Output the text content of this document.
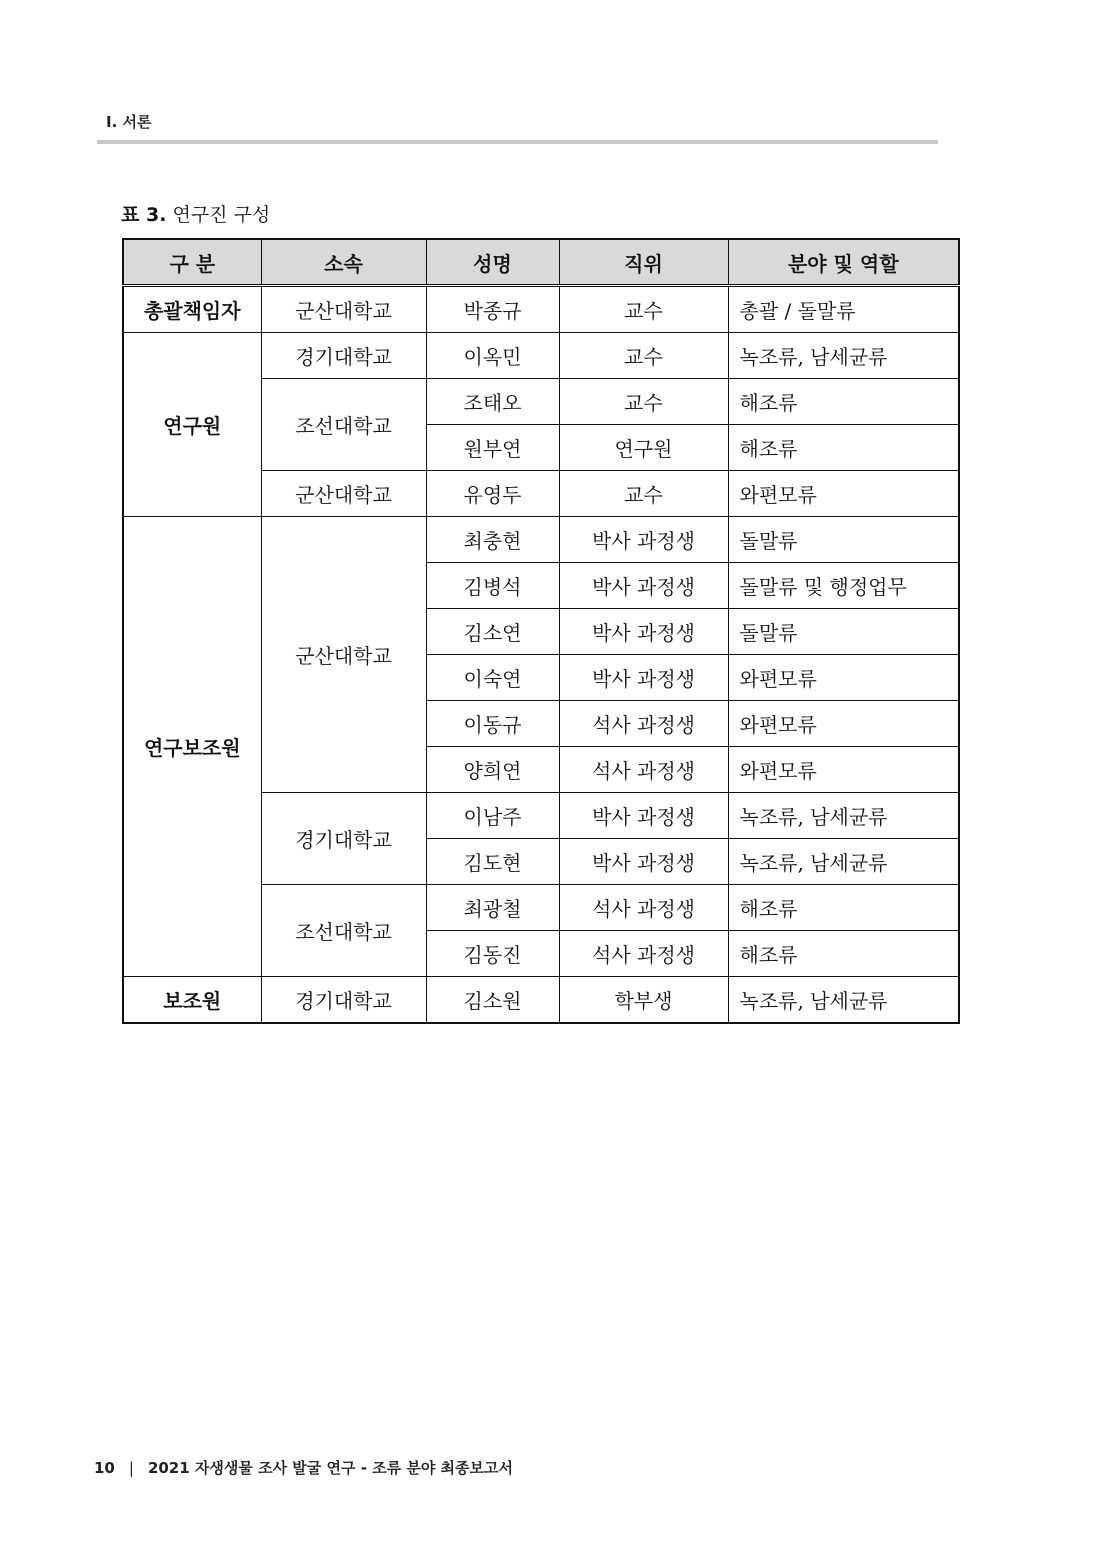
I. 서론
표 3. 연구진 구성
구 분	소속	성명	직위	분야 및 역할
총괄책임자	군산대학교	박종규	교수	총괄 / 돌말류
연구원	경기대학교	이옥민	교수	녹조류, 남세균류
	조선대학교	조태오	교수	해조류
		원부연	연구원	해조류
	군산대학교	유영두	교수	와편모류
연구보조원	군산대학교	최충현	박사 과정생	돌말류
		김병석	박사 과정생	돌말류 및 행정업무
		김소연	박사 과정생	돌말류
		이숙연	박사 과정생	와편모류
		이동규	석사 과정생	와편모류
		양희연	석사 과정생	와편모류
	경기대학교	이남주	박사 과정생	녹조류, 남세균류
		김도현	박사 과정생	녹조류, 남세균류
	조선대학교	최광철	석사 과정생	해조류
		김동진	석사 과정생	해조류
보조원	경기대학교	김소원	학부생	녹조류, 남세균류
10 | 2021 자생생물 조사 발굴 연구 - 조류 분야 최종보고서
